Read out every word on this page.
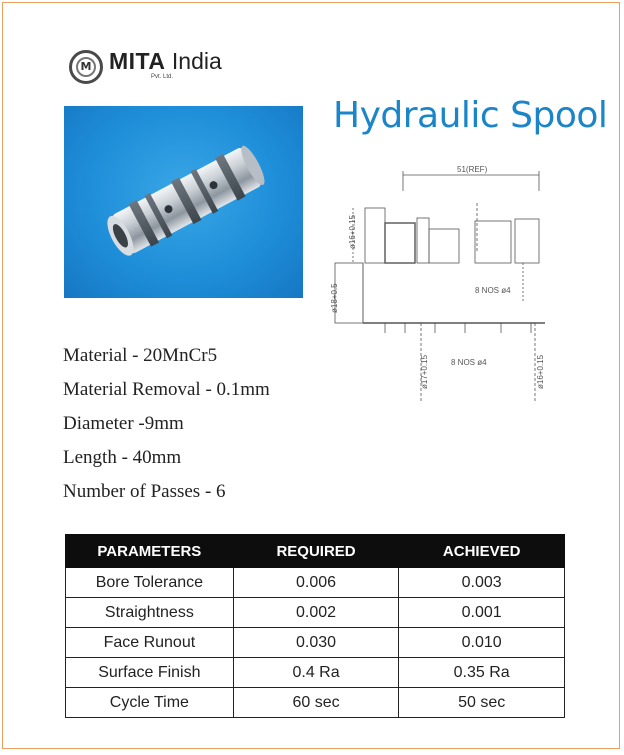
M MITA India
Pvt. Ltd.
Hydraulic Spool
51(REF)
ø16+0.15
ø18+0.5
ø17+0.15	ø16+0.15
8 NOS ø4
8 NOS ø4
Material - 20MnCr5
Material Removal - 0.1mm
Diameter -9mm
Length - 40mm
Number of Passes - 6
PARAMETERS	REQUIRED	ACHIEVED
Bore Tolerance	0.006	0.003
Straightness	0.002	0.001
Face Runout	0.030	0.010
Surface Finish	0.4 Ra	0.35 Ra
Cycle Time	60 sec	50 sec
